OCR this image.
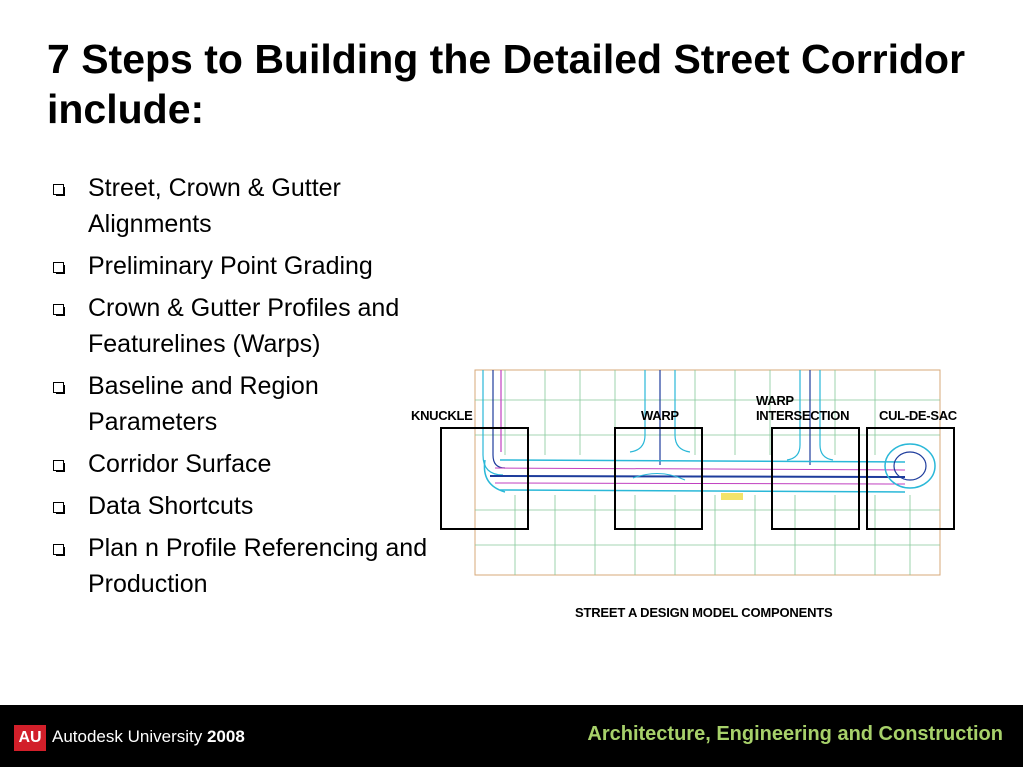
7 Steps to Building the Detailed Street Corridor include:
Street, Crown & Gutter Alignments
Preliminary Point Grading
Crown & Gutter Profiles and Featurelines (Warps)
Baseline and Region Parameters
Corridor Surface
Data Shortcuts
Plan n Profile Referencing and Production
KNUCKLE	WARP
WARP
INTERSECTION CUL-DE-SAC
STREET A DESIGN MODEL COMPONENTS
AU Autodesk University 2008	Architecture, Engineering and Construction
